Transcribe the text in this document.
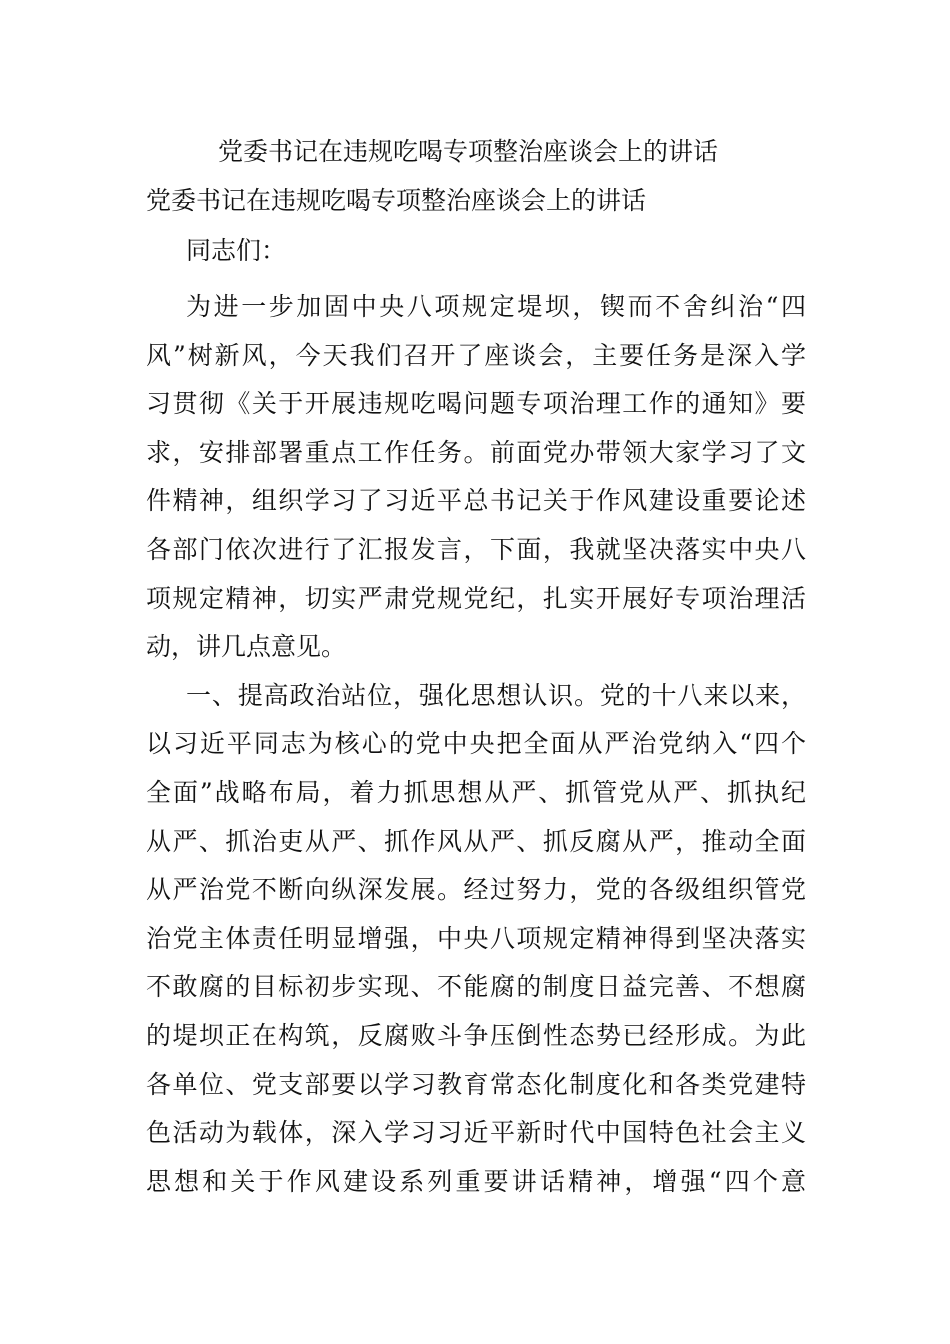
党委书记在违规吃喝专项整治座谈会上的讲话
党委书记在违规吃喝专项整治座谈会上的讲话

同志们：

为进一步加固中央八项规定堤坝，锲而不舍纠治“四
风”树新风，今天我们召开了座谈会，主要任务是深入学
习贯彻《关于开展违规吃喝问题专项治理工作的通知》要
求，安排部署重点工作任务。前面党办带领大家学习了文
件精神，组织学习了习近平总书记关于作风建设重要论述
各部门依次进行了汇报发言，下面，我就坚决落实中央八
项规定精神，切实严肃党规党纪，扎实开展好专项治理活
动，讲几点意见。
一、提高政治站位，强化思想认识。党的十八来以来，
以习近平同志为核心的党中央把全面从严治党纳入“四个
全面”战略布局，着力抓思想从严、抓管党从严、抓执纪
从严、抓治吏从严、抓作风从严、抓反腐从严，推动全面
从严治党不断向纵深发展。经过努力，党的各级组织管党
治党主体责任明显增强，中央八项规定精神得到坚决落实
不敢腐的目标初步实现、不能腐的制度日益完善、不想腐
的堤坝正在构筑，反腐败斗争压倒性态势已经形成。为此
各单位、党支部要以学习教育常态化制度化和各类党建特
色活动为载体，深入学习习近平新时代中国特色社会主义
思想和关于作风建设系列重要讲话精神，增强“四个意
